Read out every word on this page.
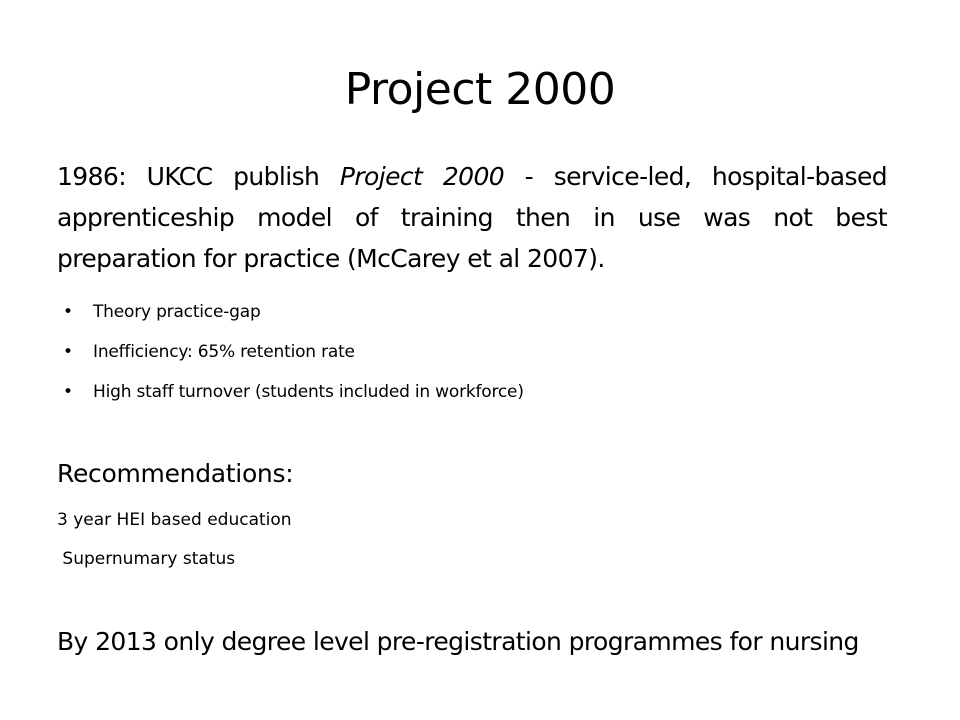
Project 2000
1986: UKCC publish Project 2000 - service-led, hospital-based apprenticeship model of training then in use was not best preparation for practice (McCarey et al 2007).
• Theory practice-gap
• Inefficiency: 65% retention rate
• High staff turnover (students included in workforce)
Recommendations:
3 year HEI based education
Supernumary status
By 2013 only degree level pre-registration programmes for nursing
